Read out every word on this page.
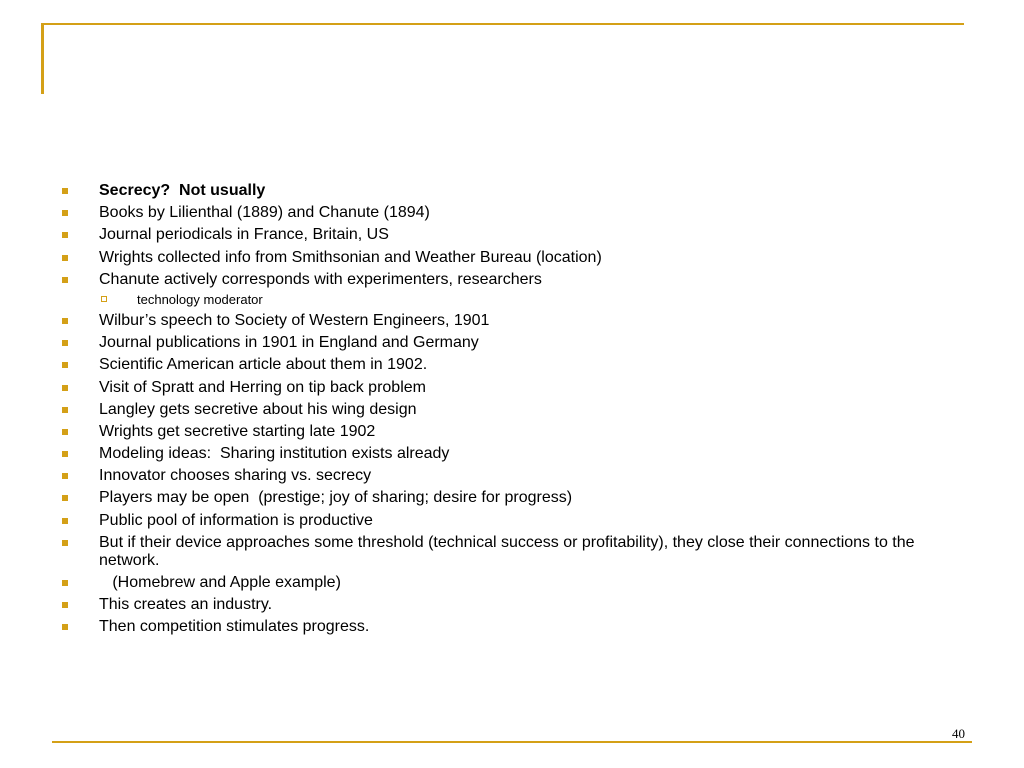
Secrecy?  Not usually
Books by Lilienthal (1889) and Chanute (1894)
Journal periodicals in France, Britain, US
Wrights collected info from Smithsonian and Weather Bureau (location)
Chanute actively corresponds with experimenters, researchers
technology moderator
Wilbur’s speech to Society of Western Engineers, 1901
Journal publications in 1901 in England and Germany
Scientific American article about them in 1902.
Visit of Spratt and Herring on tip back problem
Langley gets secretive about his wing design
Wrights get secretive starting late 1902
Modeling ideas:  Sharing institution exists already
Innovator chooses sharing vs. secrecy
Players may be open  (prestige; joy of sharing; desire for progress)
Public pool of information is productive
But if their device approaches some threshold (technical success or profitability), they close their connections to the network.
(Homebrew and Apple example)
This creates an industry.
Then competition stimulates progress.
40
